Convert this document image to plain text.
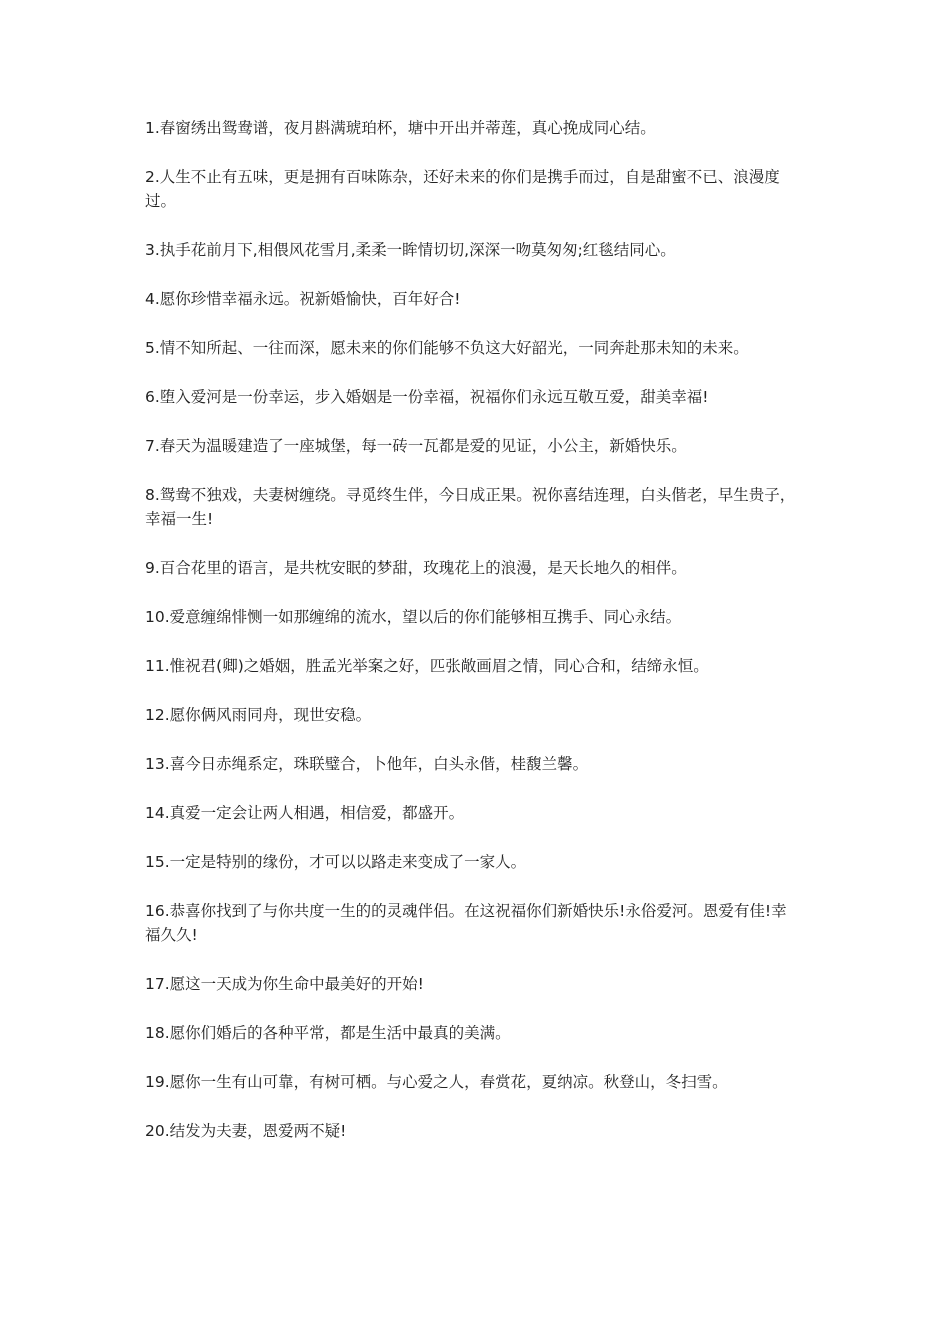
1.春窗绣出鸳鸯谱，夜月斟满琥珀杯，塘中开出并蒂莲，真心挽成同心结。

2.人生不止有五味，更是拥有百味陈杂，还好未来的你们是携手而过，自是甜蜜不已、浪漫度过。

3.执手花前月下,相偎风花雪月,柔柔一眸情切切,深深一吻莫匆匆;红毯结同心。

4.愿你珍惜幸福永远。祝新婚愉快，百年好合!

5.情不知所起、一往而深，愿未来的你们能够不负这大好韶光，一同奔赴那未知的未来。

6.堕入爱河是一份幸运，步入婚姻是一份幸福，祝福你们永远互敬互爱，甜美幸福!

7.春天为温暖建造了一座城堡，每一砖一瓦都是爱的见证，小公主，新婚快乐。

8.鸳鸯不独戏，夫妻树缠绕。寻觅终生伴，今日成正果。祝你喜结连理，白头偕老，早生贵子，幸福一生!

9.百合花里的语言，是共枕安眠的梦甜，玫瑰花上的浪漫，是天长地久的相伴。

10.爱意缠绵悱恻一如那缠绵的流水，望以后的你们能够相互携手、同心永结。

11.惟祝君(卿)之婚姻，胜孟光举案之好，匹张敞画眉之情，同心合和，结缔永恒。

12.愿你俩风雨同舟，现世安稳。

13.喜今日赤绳系定，珠联璧合，卜他年，白头永偕，桂馥兰馨。

14.真爱一定会让两人相遇，相信爱，都盛开。

15.一定是特别的缘份，才可以以路走来变成了一家人。

16.恭喜你找到了与你共度一生的的灵魂伴侣。在这祝福你们新婚快乐!永俗爱河。恩爱有佳!幸福久久!

17.愿这一天成为你生命中最美好的开始!

18.愿你们婚后的各种平常，都是生活中最真的美满。

19.愿你一生有山可靠，有树可栖。与心爱之人，春赏花，夏纳凉。秋登山，冬扫雪。

20.结发为夫妻，恩爱两不疑!
